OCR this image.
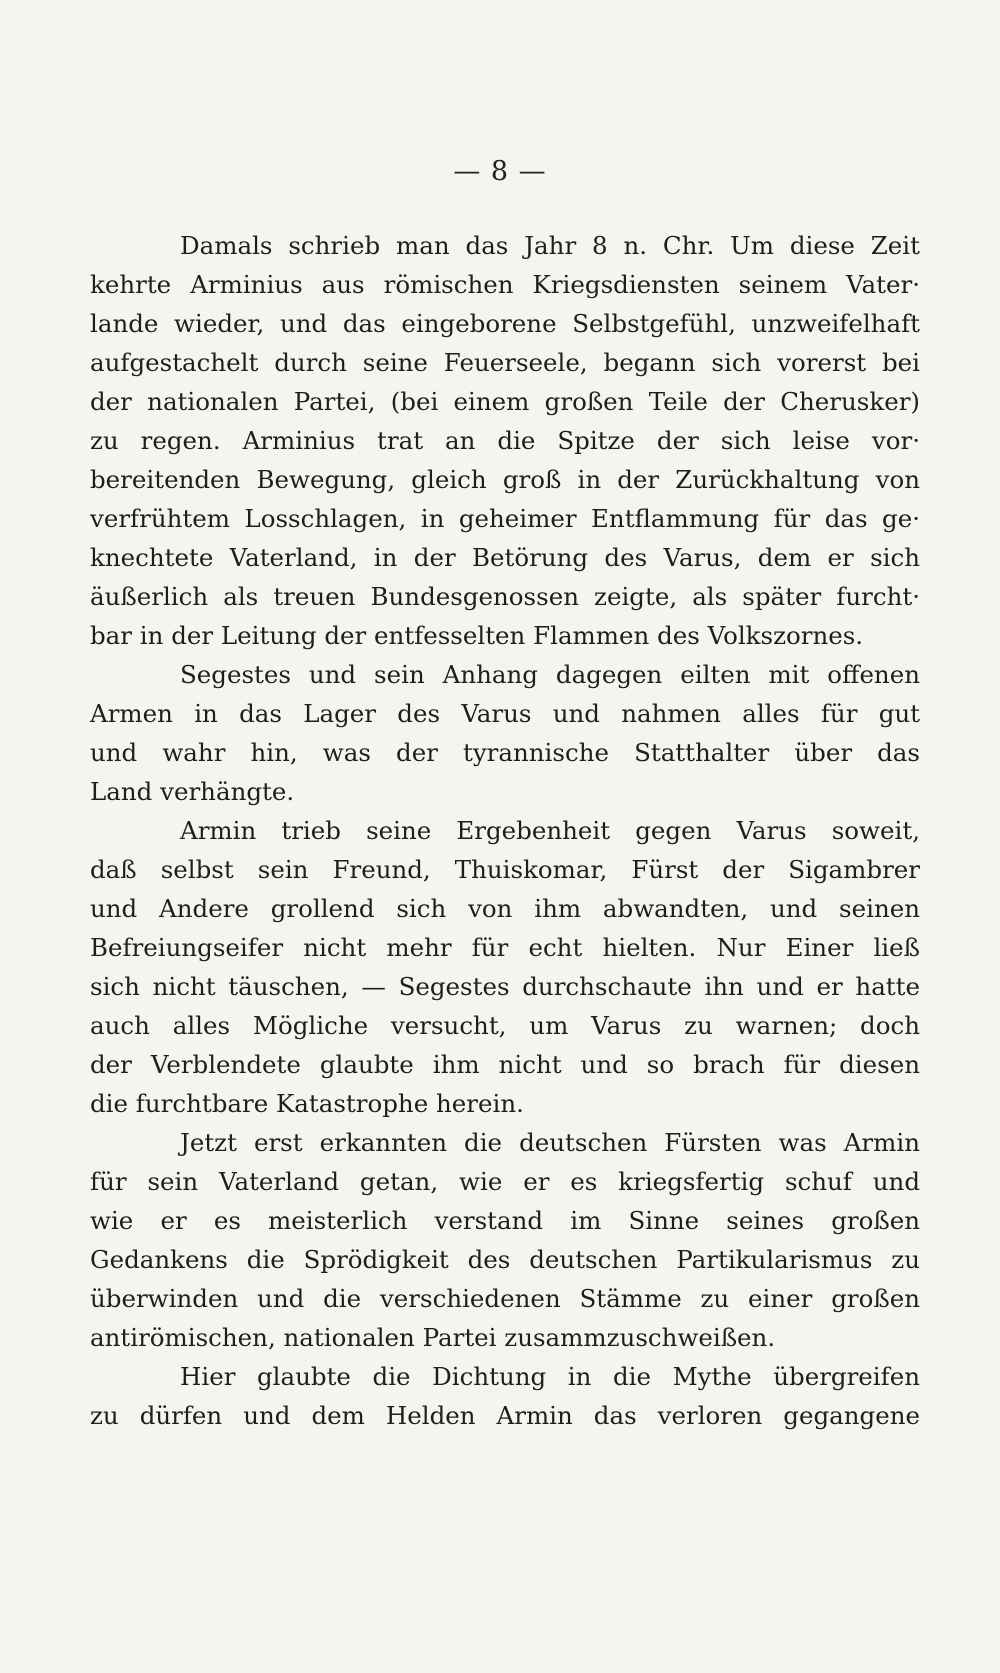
— 8 —
Damals schrieb man das Jahr 8 n. Chr. Um diese Zeit
kehrte Arminius aus römischen Kriegsdiensten seinem Vater·
lande wieder, und das eingeborene Selbstgefühl, unzweifelhaft
aufgestachelt durch seine Feuerseele, begann sich vorerst bei
der nationalen Partei, (bei einem großen Teile der Cherusker)
zu regen. Arminius trat an die Spitze der sich leise vor·
bereitenden Bewegung, gleich groß in der Zurückhaltung von
verfrühtem Losschlagen, in geheimer Entflammung für das ge·
knechtete Vaterland, in der Betörung des Varus, dem er sich
äußerlich als treuen Bundesgenossen zeigte, als später furcht·
bar in der Leitung der entfesselten Flammen des Volkszornes.
Segestes und sein Anhang dagegen eilten mit offenen
Armen in das Lager des Varus und nahmen alles für gut
und wahr hin, was der tyrannische Statthalter über das
Land verhängte.
Armin trieb seine Ergebenheit gegen Varus soweit,
daß selbst sein Freund, Thuiskomar, Fürst der Sigambrer
und Andere grollend sich von ihm abwandten, und seinen
Befreiungseifer nicht mehr für echt hielten. Nur Einer ließ
sich nicht täuschen, — Segestes durchschaute ihn und er hatte
auch alles Mögliche versucht, um Varus zu warnen; doch
der Verblendete glaubte ihm nicht und so brach für diesen
die furchtbare Katastrophe herein.
Jetzt erst erkannten die deutschen Fürsten was Armin
für sein Vaterland getan, wie er es kriegsfertig schuf und
wie er es meisterlich verstand im Sinne seines großen
Gedankens die Sprödigkeit des deutschen Partikularismus zu
überwinden und die verschiedenen Stämme zu einer großen
antirömischen, nationalen Partei zusammzuschweißen.
Hier glaubte die Dichtung in die Mythe übergreifen
zu dürfen und dem Helden Armin das verloren gegangene
